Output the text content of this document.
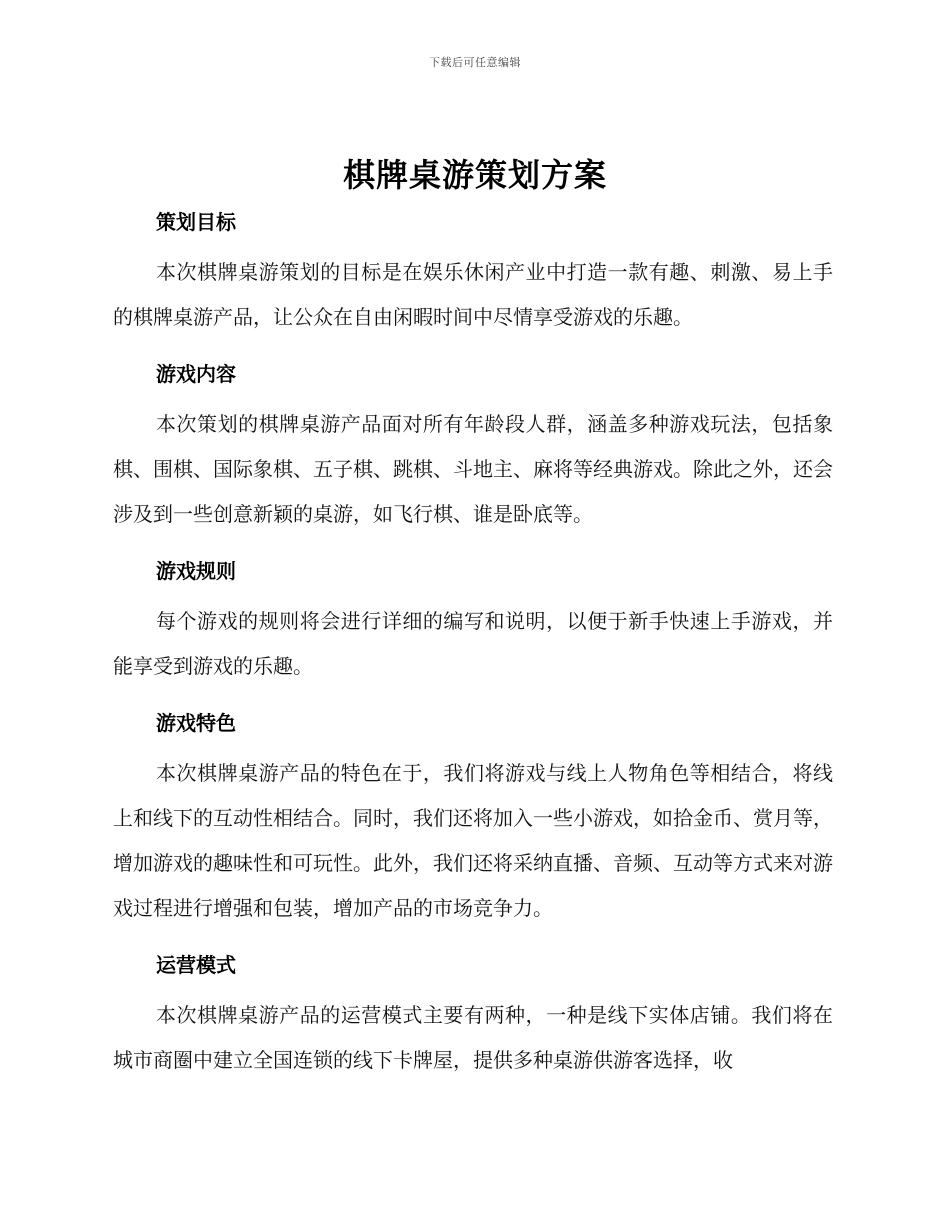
下载后可任意编辑
棋牌桌游策划方案
策划目标

本次棋牌桌游策划的目标是在娱乐休闲产业中打造一款有趣、刺激、易上手的棋牌桌游产品，让公众在自由闲暇时间中尽情享受游戏的乐趣。

游戏内容

本次策划的棋牌桌游产品面对所有年龄段人群，涵盖多种游戏玩法，包括象棋、围棋、国际象棋、五子棋、跳棋、斗地主、麻将等经典游戏。除此之外，还会涉及到一些创意新颖的桌游，如飞行棋、谁是卧底等。

游戏规则

每个游戏的规则将会进行详细的编写和说明，以便于新手快速上手游戏，并能享受到游戏的乐趣。

游戏特色

本次棋牌桌游产品的特色在于，我们将游戏与线上人物角色等相结合，将线上和线下的互动性相结合。同时，我们还将加入一些小游戏，如拾金币、赏月等，增加游戏的趣味性和可玩性。此外，我们还将采纳直播、音频、互动等方式来对游戏过程进行增强和包装，增加产品的市场竞争力。

运营模式

本次棋牌桌游产品的运营模式主要有两种，一种是线下实体店铺。我们将在城市商圈中建立全国连锁的线下卡牌屋，提供多种桌游供游客选择，收
